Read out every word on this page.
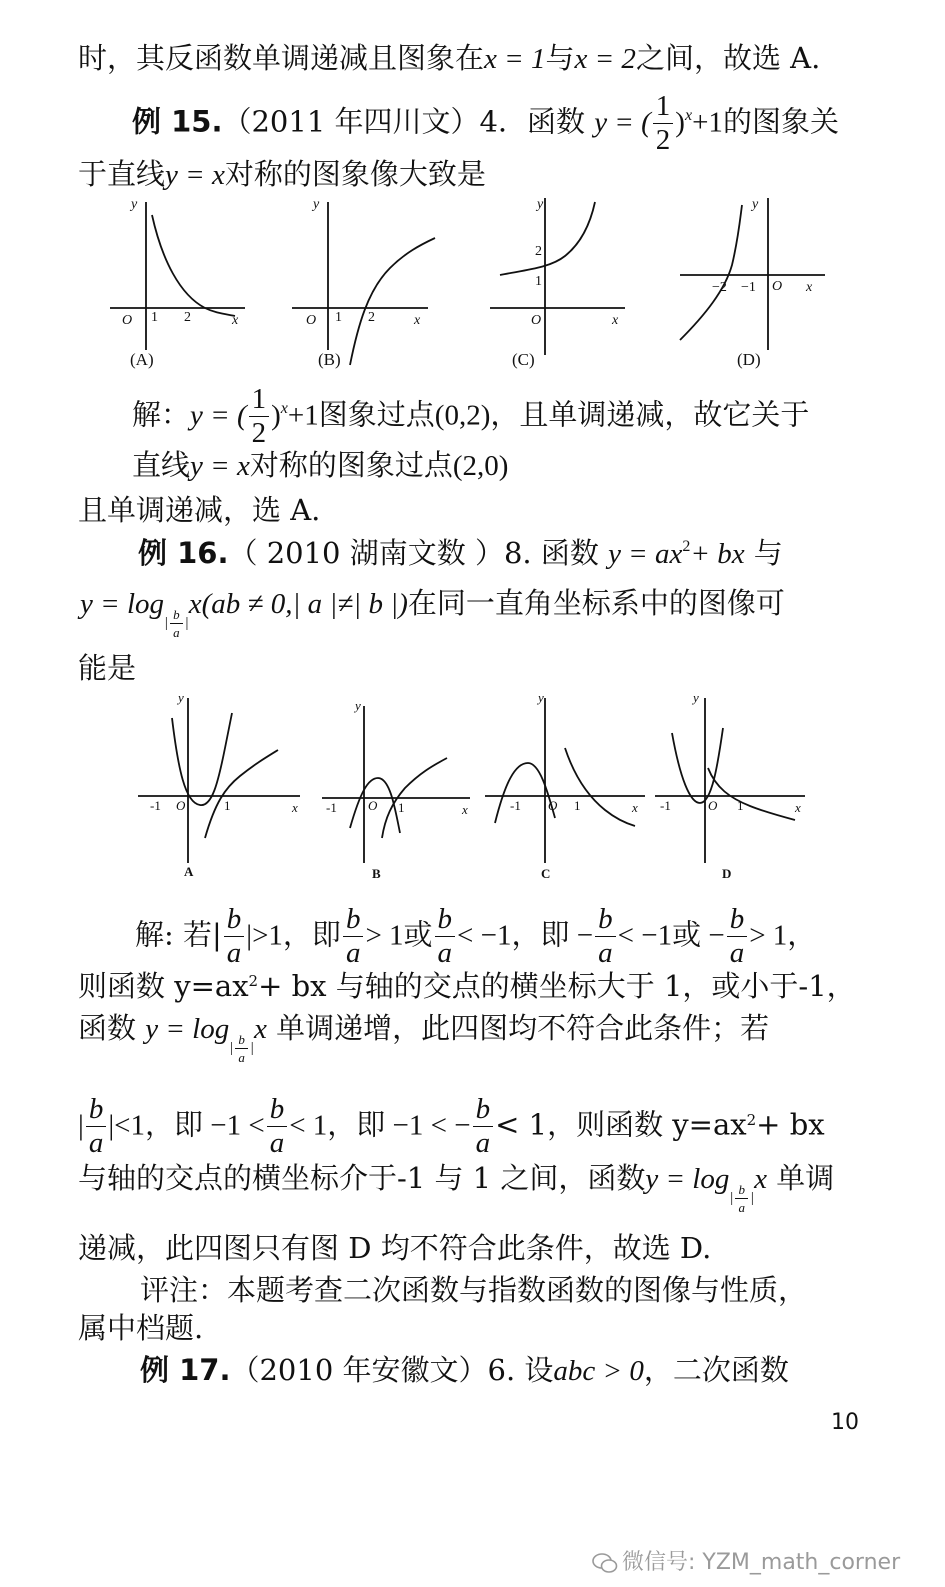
时，其反函数单调递减且图象在x = 1与x = 2之间，故选 A.
例 15.（2011 年四川文）4．函数 y = ( $\frac{1}{2} )^x+1$的图象关
于直线y = x对称的图象像大致是
y
x
O 1 2
y
x
O 1 2
y
x
O
1
2
y
x
O
−2 −1
(A)	(B)	(C)	(D)
解：y = ( $\frac{1}{2} )^x+1$图象过点(0,2)，且单调递减，故它关于
直线y = x对称的图象过点(2,0)
且单调递减，选 A.
例 16.（ 2010 湖南文数 ）8. 函数 $y = ax^2+$ bx 与
$y = \log_{| \frac{b}{a} |}x(ab \ne 0,|$ a |≠| b |)在同一直角坐标系中的图像可
能是
y
x
O
-1	1
y
x
O
-1	1
y
x
O
-1	1
y
x
O
-1	1
A	B	C	D
解: 若| $\frac{b}{a} |>1$，即 $\frac{b}{a} > 1$或 $\frac{b}{a} < -1$，即 − $\frac{b}{a} < -1$或 − $\frac{b}{a} > 1$，
则函数 $y=ax^2+$ bx 与轴的交点的横坐标大于 1，或小于-1，
函数 $y = \log_{| \frac{b}{a} |}x$ 单调递增，此四图均不符合此条件；若
| $\frac{b}{a} |<1$，即 $-1 < \frac{b}{a} < 1$，即 −1 < − $\frac{b}{a} < 1$，则函数 $y=ax^2+$ bx
与轴的交点的横坐标介于-1 与 1 之间，函数$y = \log_{| \frac{b}{a} |}x$ 单调
递减，此四图只有图 D 均不符合此条件，故选 D.
评注：本题考查二次函数与指数函数的图像与性质，
属中档题.
例 17.（2010 年安徽文）6. 设abc > 0，二次函数
10
微信号: YZM_math_corner
